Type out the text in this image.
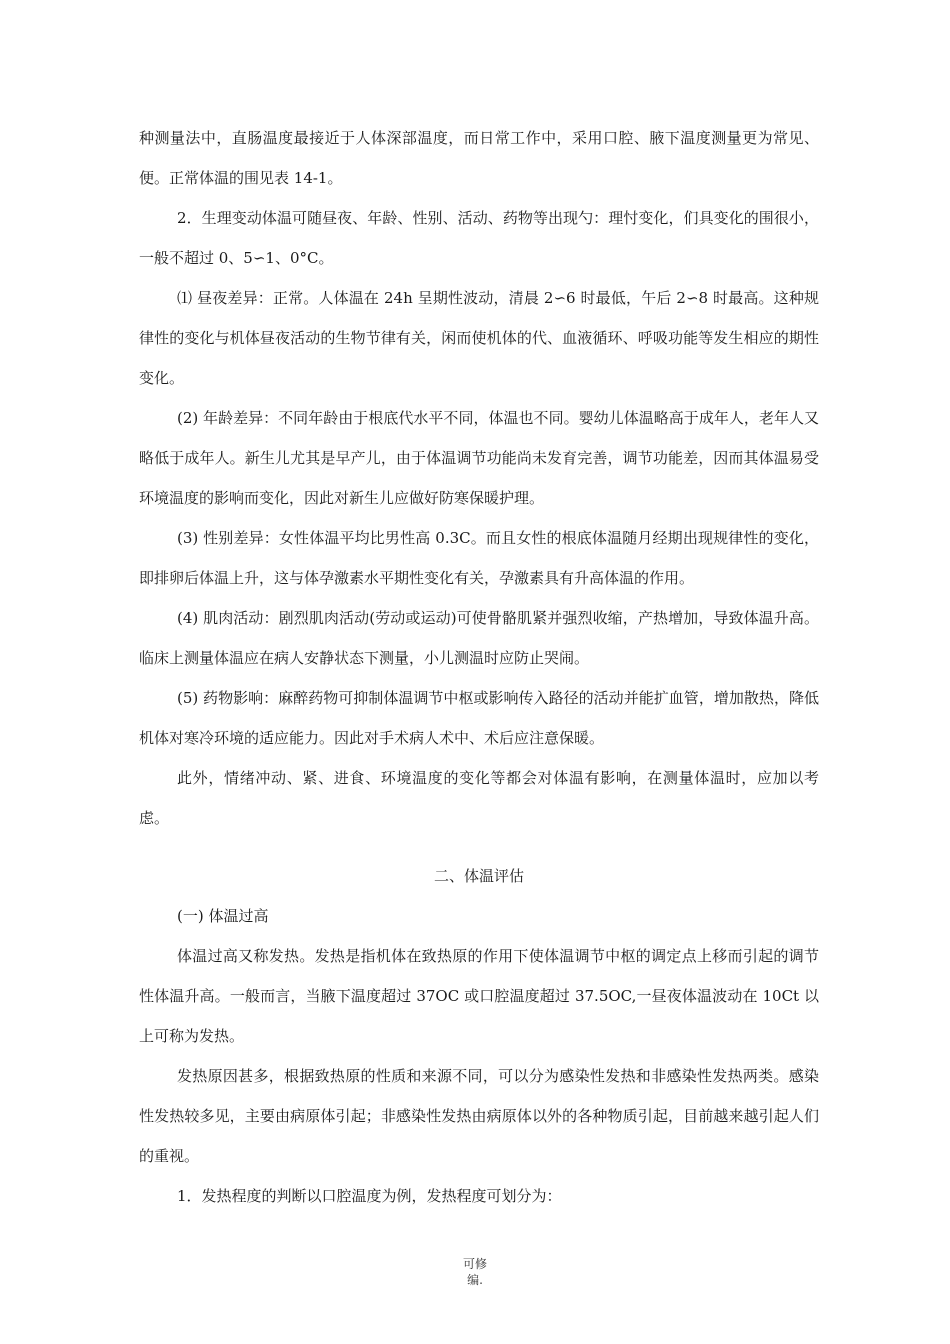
种测量法中，直肠温度最接近于人体深部温度，而日常工作中，采用口腔、腋下温度测量更为常见、便。正常体温的围见表 14-1。

2．生理变动体温可随昼夜、年龄、性别、活动、药物等出现勺：理忖变化，们具变化的围很小，一般不超过 0、5∽1、0°C。

⑴ 昼夜差异：正常。人体温在 24h 呈期性波动，清晨 2∽6 时最低，午后 2∽8 时最高。这种规律性的变化与机体昼夜活动的生物节律有关，闲而使机体的代、血液循环、呼吸功能等发生相应的期性变化。

(2) 年龄差异：不同年龄由于根底代水平不同，体温也不同。婴幼儿体温略高于成年人，老年人又略低于成年人。新生儿尤其是早产儿，由于体温调节功能尚未发育完善，调节功能差，因而其体温易受环境温度的影响而变化，因此对新生儿应做好防寒保暖护理。

(3) 性别差异：女性体温平均比男性高 0.3C。而且女性的根底体温随月经期出现规律性的变化，即排卵后体温上升，这与体孕激素水平期性变化有关，孕激素具有升高体温的作用。

(4) 肌肉活动：剧烈肌肉活动(劳动或运动)可使骨骼肌紧并强烈收缩，产热增加，导致体温升高。临床上测量体温应在病人安静状态下测量，小儿测温时应防止哭闹。

(5) 药物影响：麻醉药物可抑制体温调节中枢或影响传入路径的活动并能扩血管，增加散热，降低机体对寒冷环境的适应能力。因此对手术病人术中、术后应注意保暖。

此外，情绪冲动、紧、进食、环境温度的变化等都会对体温有影响，在测量体温时，应加以考虑。

二、体温评估

(一) 体温过高

体温过高又称发热。发热是指机体在致热原的作用下使体温调节中枢的调定点上移而引起的调节性体温升高。一般而言，当腋下温度超过 37OC 或口腔温度超过 37.5OC,一昼夜体温波动在 10Ct 以上可称为发热。

发热原因甚多，根据致热原的性质和来源不同，可以分为感染性发热和非感染性发热两类。感染性发热较多见，主要由病原体引起；非感染性发热由病原体以外的各种物质引起，目前越来越引起人们的重视。

1．发热程度的判断以口腔温度为例，发热程度可划分为：

可修
编.
